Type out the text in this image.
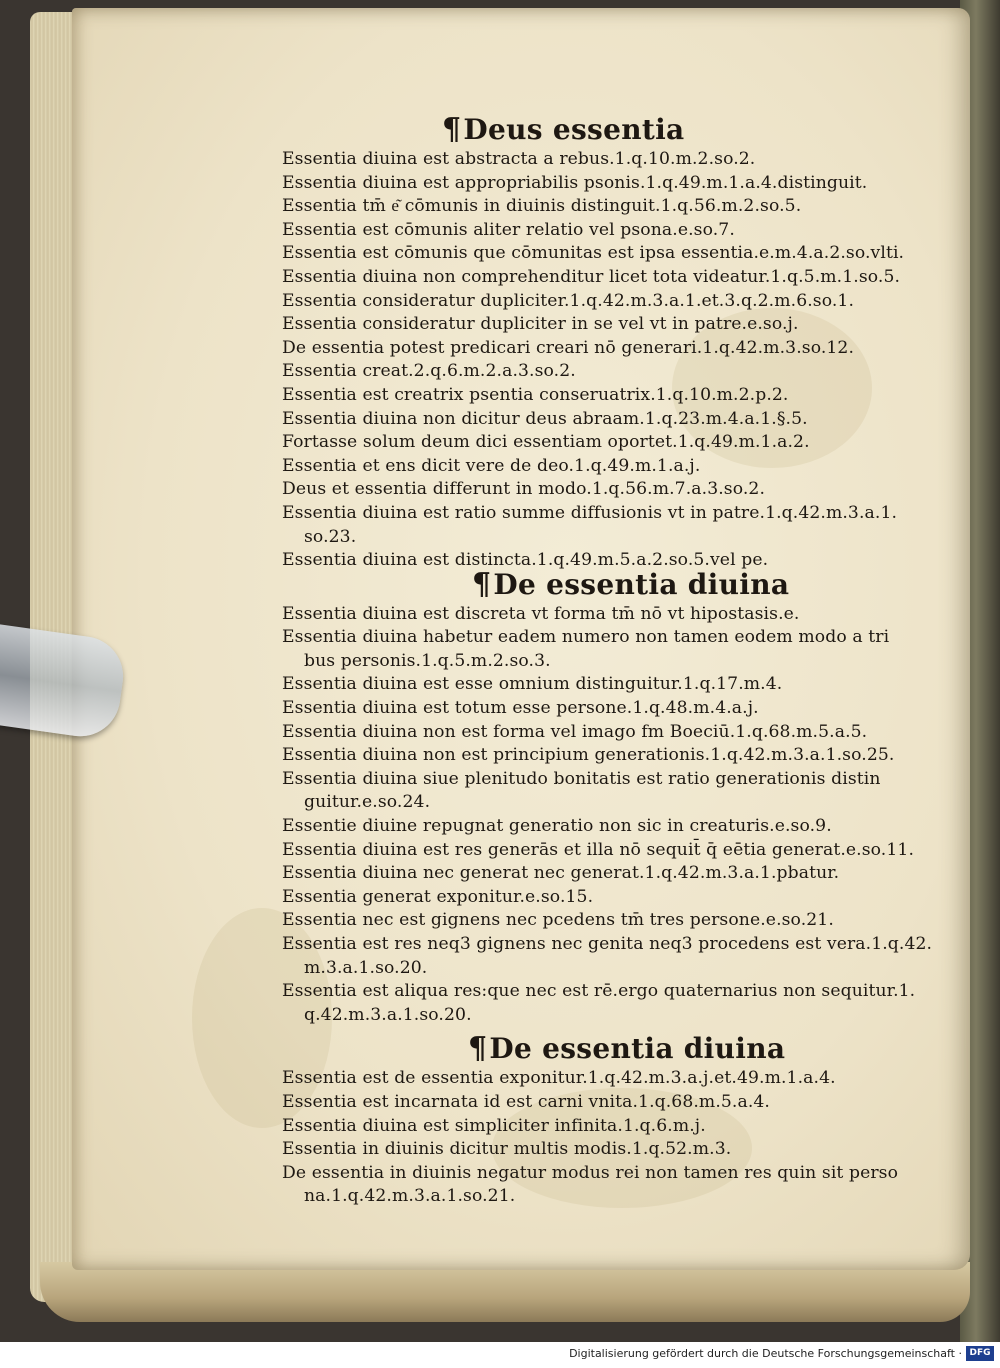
¶Deus essentia
Essentia diuina est abstracta a rebus.1.q.10.m.2.so.2.
Essentia diuina est appropriabilis psonis.1.q.49.m.1.a.4.distinguit.
Essentia tm̄ e͂ cōmunis in diuinis distinguit.1.q.56.m.2.so.5.
Essentia est cōmunis aliter relatio vel psona.e.so.7.
Essentia est cōmunis que cōmunitas est ipsa essentia.e.m.4.a.2.so.vlti.
Essentia diuina non comprehenditur licet tota videatur.1.q.5.m.1.so.5.
Essentia consideratur dupliciter.1.q.42.m.3.a.1.et.3.q.2.m.6.so.1.
Essentia consideratur dupliciter in se vel vt in patre.e.so.j.
De essentia potest predicari creari nō generari.1.q.42.m.3.so.12.
Essentia creat.2.q.6.m.2.a.3.so.2.
Essentia est creatrix psentia conseruatrix.1.q.10.m.2.p.2.
Essentia diuina non dicitur deus abraam.1.q.23.m.4.a.1.§.5.
Fortasse solum deum dici essentiam oportet.1.q.49.m.1.a.2.
Essentia et ens dicit vere de deo.1.q.49.m.1.a.j.
Deus et essentia differunt in modo.1.q.56.m.7.a.3.so.2.
Essentia diuina est ratio summe diffusionis vt in patre.1.q.42.m.3.a.1.
so.23.
Essentia diuina est distincta.1.q.49.m.5.a.2.so.5.vel pe.
¶De essentia diuina
Essentia diuina est discreta vt forma tm̄ nō vt hipostasis.e.
Essentia diuina habetur eadem numero non tamen eodem modo a tri
bus personis.1.q.5.m.2.so.3.
Essentia diuina est esse omnium distinguitur.1.q.17.m.4.
Essentia diuina est totum esse persone.1.q.48.m.4.a.j.
Essentia diuina non est forma vel imago fm Boeciū.1.q.68.m.5.a.5.
Essentia diuina non est principium generationis.1.q.42.m.3.a.1.so.25.
Essentia diuina siue plenitudo bonitatis est ratio generationis distin
guitur.e.so.24.
Essentie diuine repugnat generatio non sic in creaturis.e.so.9.
Essentia diuina est res generās et illa nō sequit̄ q̄ eētia generat.e.so.11.
Essentia diuina nec generat nec generat.1.q.42.m.3.a.1.pbatur.
Essentia generat exponitur.e.so.15.
Essentia nec est gignens nec pcedens tm̄ tres persone.e.so.21.
Essentia est res neq3 gignens nec genita neq3 procedens est vera.1.q.42.
m.3.a.1.so.20.
Essentia est aliqua res:que nec est rē.ergo quaternarius non sequitur.1.
q.42.m.3.a.1.so.20.
¶De essentia diuina
Essentia est de essentia exponitur.1.q.42.m.3.a.j.et.49.m.1.a.4.
Essentia est incarnata id est carni vnita.1.q.68.m.5.a.4.
Essentia diuina est simpliciter infinita.1.q.6.m.j.
Essentia in diuinis dicitur multis modis.1.q.52.m.3.
De essentia in diuinis negatur modus rei non tamen res quin sit perso
na.1.q.42.m.3.a.1.so.21.
Digitalisierung gefördert durch die Deutsche Forschungsgemeinschaft · DFG
